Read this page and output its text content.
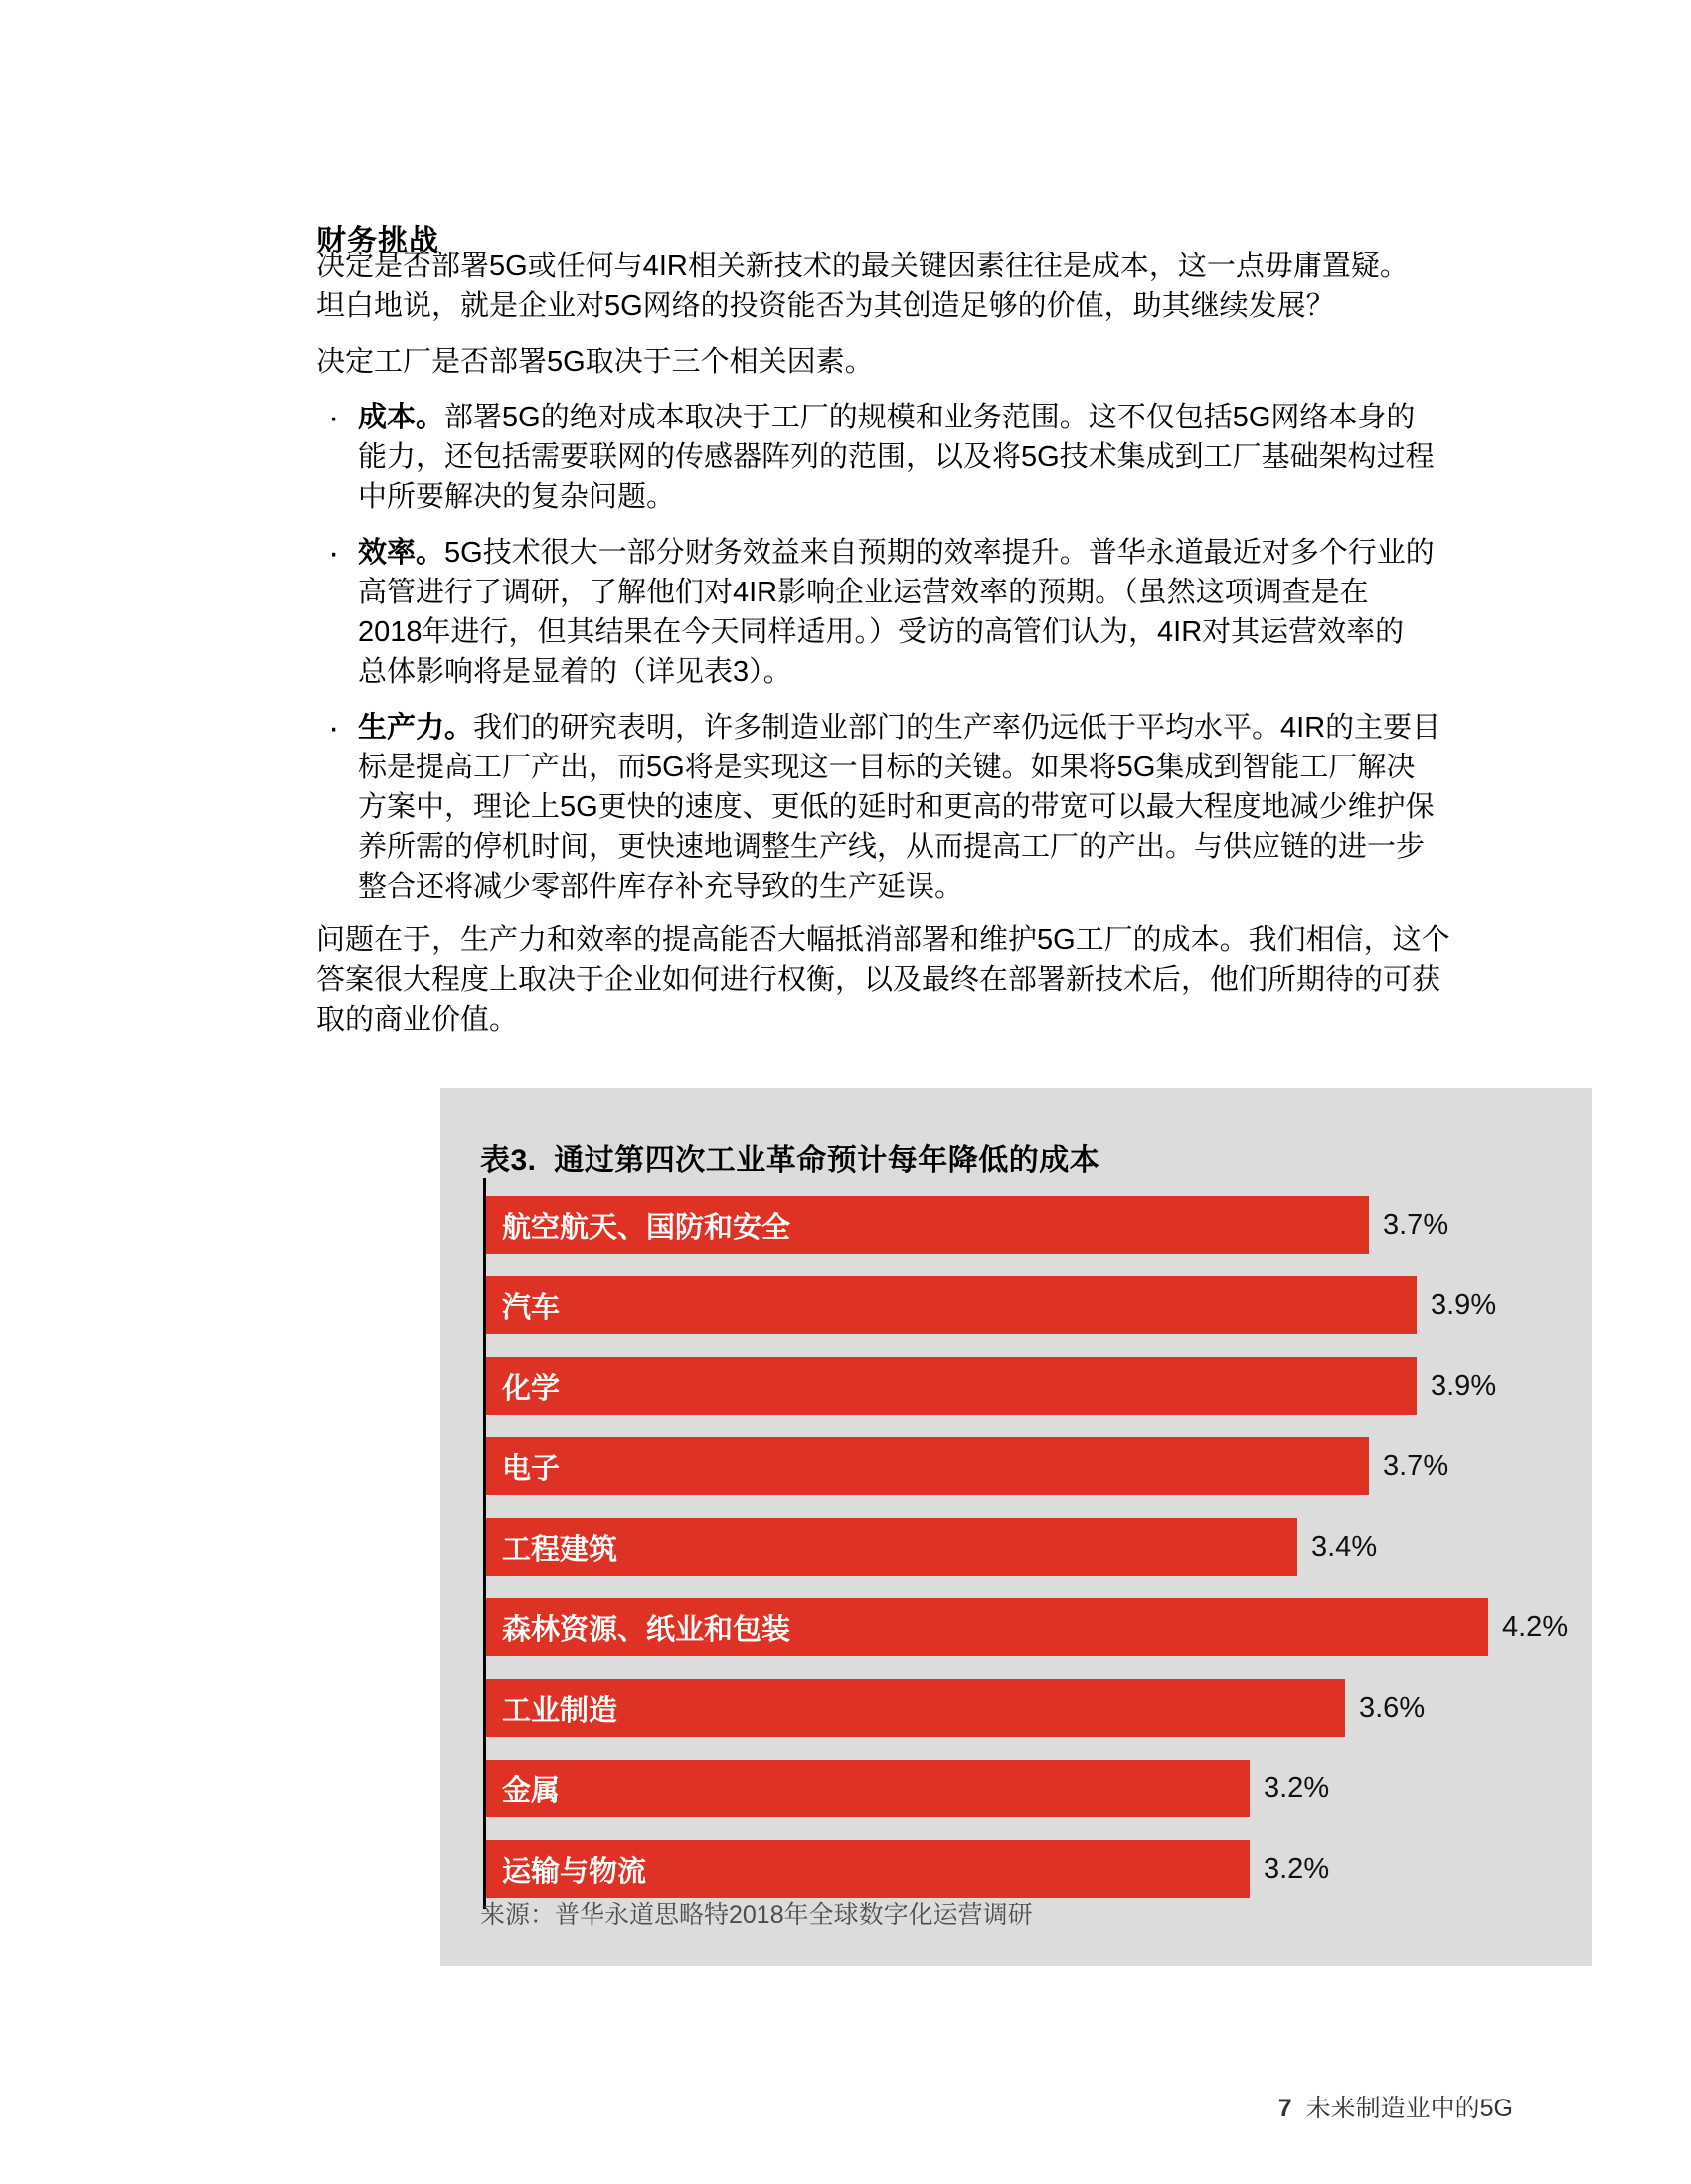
财务挑战
决定是否部署5G或任何与4IR相关新技术的最关键因素往往是成本，这一点毋庸置疑。
坦白地说，就是企业对5G网络的投资能否为其创造足够的价值，助其继续发展？
决定工厂是否部署5G取决于三个相关因素。
· 成本。部署5G的绝对成本取决于工厂的规模和业务范围。这不仅包括5G网络本身的
能力，还包括需要联网的传感器阵列的范围，以及将5G技术集成到工厂基础架构过程
中所要解决的复杂问题。
· 效率。5G技术很大一部分财务效益来自预期的效率提升。普华永道最近对多个行业的
高管进行了调研，了解他们对4IR影响企业运营效率的预期。（虽然这项调查是在
2018年进行，但其结果在今天同样适用。）受访的高管们认为，4IR对其运营效率的
总体影响将是显着的（详见表3）。
· 生产力。我们的研究表明，许多制造业部门的生产率仍远低于平均水平。4IR的主要目
标是提高工厂产出，而5G将是实现这一目标的关键。如果将5G集成到智能工厂解决
方案中，理论上5G更快的速度、更低的延时和更高的带宽可以最大程度地减少维护保
养所需的停机时间，更快速地调整生产线，从而提高工厂的产出。与供应链的进一步
整合还将减少零部件库存补充导致的生产延误。
问题在于，生产力和效率的提高能否大幅抵消部署和维护5G工厂的成本。我们相信，这个
答案很大程度上取决于企业如何进行权衡，以及最终在部署新技术后，他们所期待的可获
取的商业价值。
表3.  通过第四次工业革命预计每年降低的成本
航空航天、国防和安全	3.7%
汽车	3.9%
化学	3.9%
电子	3.7%
工程建筑	3.4%
森林资源、纸业和包装	4.2%
工业制造	3.6%
金属	3.2%
运输与物流	3.2%
来源：普华永道思略特2018年全球数字化运营调研

7 未来制造业中的5G
